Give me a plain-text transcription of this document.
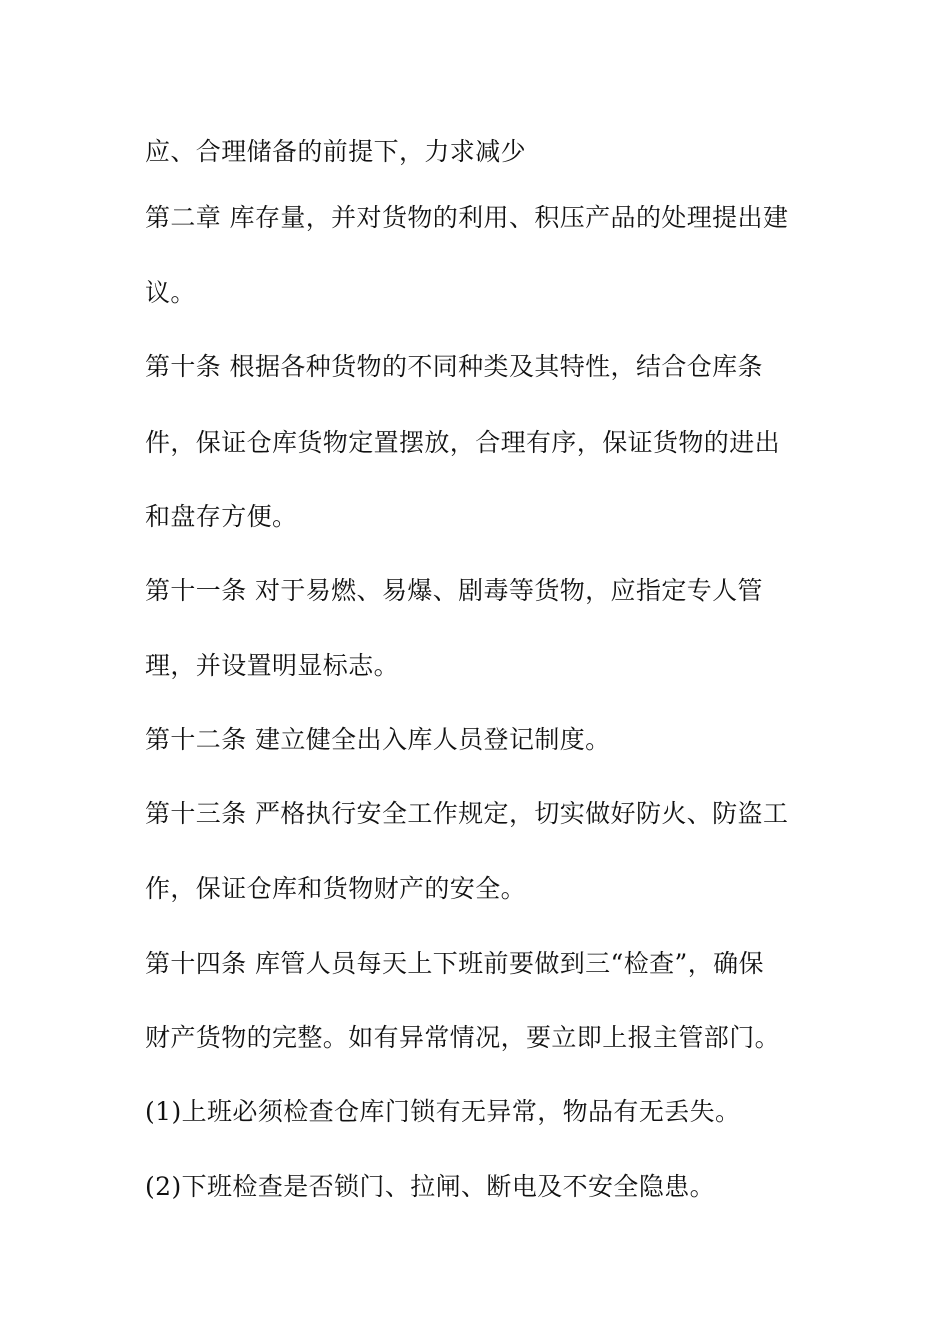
应、合理储备的前提下，力求减少
第二章 库存量，并对货物的利用、积压产品的处理提出建
议。
第十条 根据各种货物的不同种类及其特性，结合仓库条
件，保证仓库货物定置摆放，合理有序，保证货物的进出
和盘存方便。
第十一条 对于易燃、易爆、剧毒等货物，应指定专人管
理，并设置明显标志。
第十二条 建立健全出入库人员登记制度。
第十三条 严格执行安全工作规定，切实做好防火、防盗工
作，保证仓库和货物财产的安全。
第十四条 库管人员每天上下班前要做到三“检查”，确保
财产货物的完整。如有异常情况，要立即上报主管部门。
(1)上班必须检查仓库门锁有无异常，物品有无丢失。
(2)下班检查是否锁门、拉闸、断电及不安全隐患。
